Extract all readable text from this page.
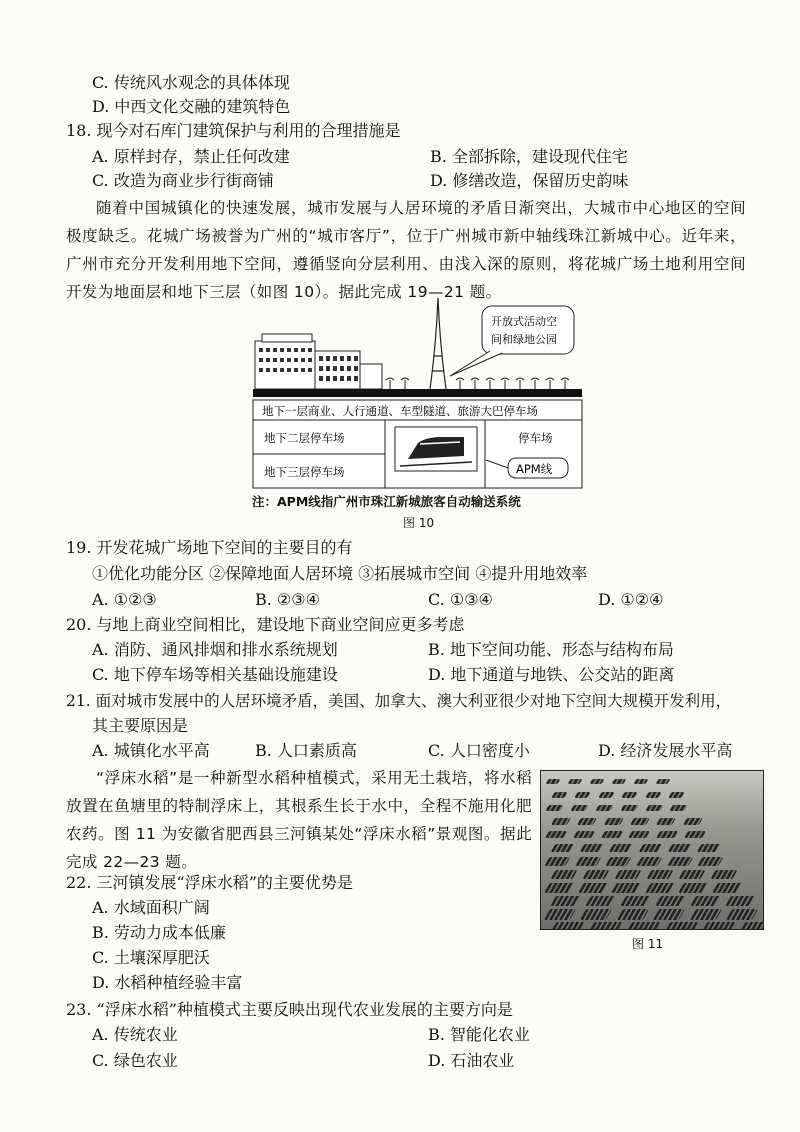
C. 传统风水观念的具体体现
D. 中西文化交融的建筑特色
18. 现今对石库门建筑保护与利用的合理措施是
A. 原样封存，禁止任何改建	B. 全部拆除，建设现代住宅
C. 改造为商业步行街商铺	D. 修缮改造，保留历史韵味
随着中国城镇化的快速发展，城市发展与人居环境的矛盾日渐突出，大城市中心地区的空间极度缺乏。花城广场被誉为广州的“城市客厅”，位于广州城市新中轴线珠江新城中心。近年来，广州市充分开发利用地下空间，遵循竖向分层利用、由浅入深的原则，将花城广场土地利用空间开发为地面层和地下三层（如图 10）。据此完成 19—21 题。
开放式活动空
间和绿地公园
地下一层商业、人行通道、车型隧道、旅游大巴停车场
地下二层停车场
地下三层停车场
停车场
APM线
注：APM线指广州市珠江新城旅客自动输送系统
图 10
19. 开发花城广场地下空间的主要目的有
①优化功能分区 ②保障地面人居环境 ③拓展城市空间 ④提升用地效率
A. ①②③	B. ②③④	C. ①③④	D. ①②④
20. 与地上商业空间相比，建设地下商业空间应更多考虑
A. 消防、通风排烟和排水系统规划	B. 地下空间功能、形态与结构布局
C. 地下停车场等相关基础设施建设	D. 地下通道与地铁、公交站的距离
21. 面对城市发展中的人居环境矛盾，美国、加拿大、澳大利亚很少对地下空间大规模开发利用，
其主要原因是
A. 城镇化水平高	B. 人口素质高	C. 人口密度小	D. 经济发展水平高
“浮床水稻”是一种新型水稻种植模式，采用无土栽培，将水稻放置在鱼塘里的特制浮床上，其根系生长于水中，全程不施用化肥农药。图 11 为安徽省肥西县三河镇某处“浮床水稻”景观图。据此完成 22—23 题。
图 11
22. 三河镇发展“浮床水稻”的主要优势是
A. 水域面积广阔
B. 劳动力成本低廉
C. 土壤深厚肥沃
D. 水稻种植经验丰富
23. “浮床水稻”种植模式主要反映出现代农业发展的主要方向是
A. 传统农业	B. 智能化农业
C. 绿色农业	D. 石油农业
